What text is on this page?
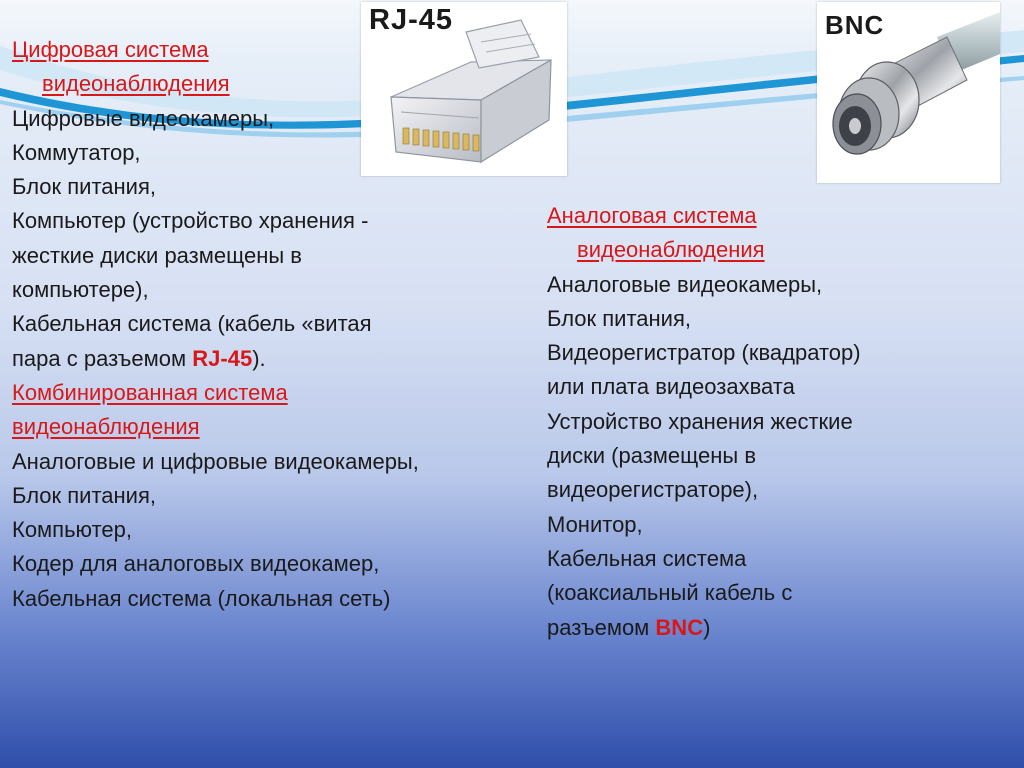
RJ-45	BNC
Цифровая система
видеонаблюдения
Цифровые видеокамеры,
Коммутатор,
Блок питания,
Компьютер (устройство хранения -
жесткие диски размещены в
компьютере),
Кабельная система (кабель «витая
пара с разъемом RJ-45).
Комбинированная система
видеонаблюдения
Аналоговые и цифровые видеокамеры,
Блок питания,
Компьютер,
Кодер для аналоговых видеокамер,
Кабельная система (локальная сеть)
Аналоговая система
видеонаблюдения
Аналоговые видеокамеры,
Блок питания,
Видеорегистратор (квадратор)
или плата видеозахвата
Устройство хранения жесткие
диски (размещены в
видеорегистраторе),
Монитор,
Кабельная система
(коаксиальный кабель с
разъемом BNC)
